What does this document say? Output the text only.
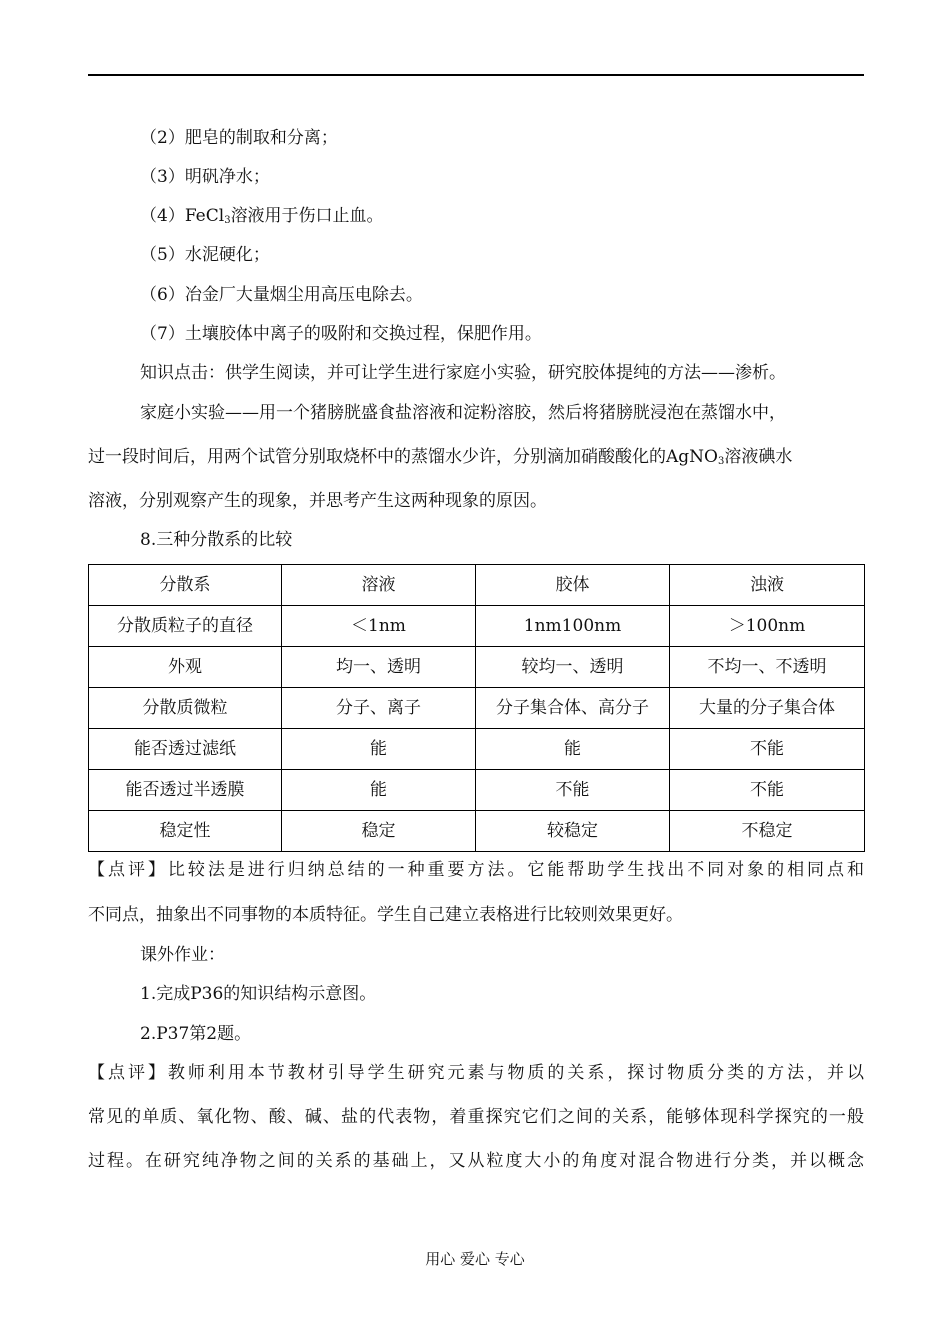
（2）肥皂的制取和分离；
（3）明矾净水；
（4）FeCl$_3$溶液用于伤口止血。
（5）水泥硬化；
（6）冶金厂大量烟尘用高压电除去。
（7）土壤胶体中离子的吸附和交换过程，保肥作用。
知识点击：供学生阅读，并可让学生进行家庭小实验，研究胶体提纯的方法——渗析。
家庭小实验——用一个猪膀胱盛食盐溶液和淀粉溶胶，然后将猪膀胱浸泡在蒸馏水中，
过一段时间后，用两个试管分别取烧杯中的蒸馏水少许，分别滴加硝酸酸化的AgNO$_3$溶液碘水
溶液，分别观察产生的现象，并思考产生这两种现象的原因。
8.三种分散系的比较
分散系	溶液	胶体	浊液
分散质粒子的直径	＜1nm	1nm100nm	＞100nm
外观	均一、透明	较均一、透明	不均一、不透明
分散质微粒	分子、离子	分子集合体、高分子	大量的分子集合体
能否透过滤纸	能	能	不能
能否透过半透膜	能	不能	不能
稳定性	稳定	较稳定	不稳定
【点评】比较法是进行归纳总结的一种重要方法。它能帮助学生找出不同对象的相同点和
不同点，抽象出不同事物的本质特征。学生自己建立表格进行比较则效果更好。
课外作业：
1.完成P36的知识结构示意图。
2.P37第2题。
【点评】教师利用本节教材引导学生研究元素与物质的关系，探讨物质分类的方法，并以
常见的单质、氧化物、酸、碱、盐的代表物，着重探究它们之间的关系，能够体现科学探究的一般
过程。在研究纯净物之间的关系的基础上，又从粒度大小的角度对混合物进行分类，并以概念
用心 爱心 专心
